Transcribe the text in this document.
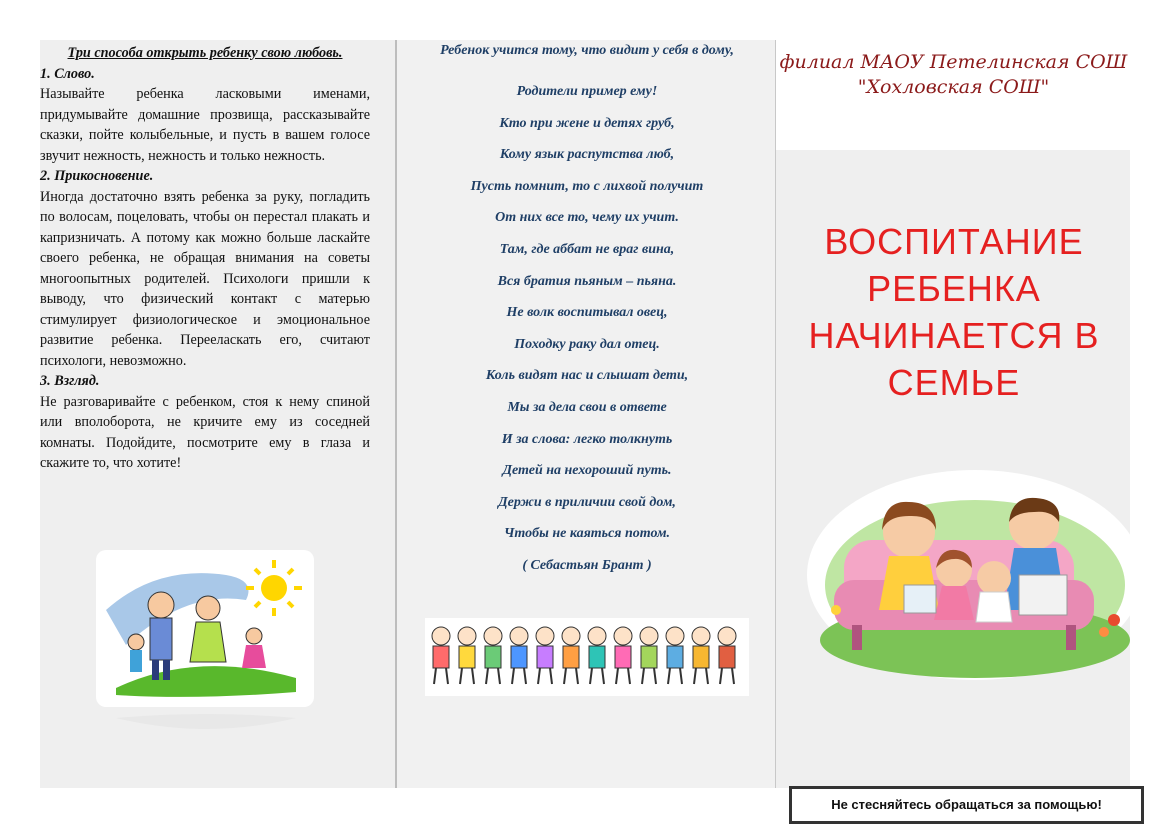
Три способа открыть ребенку свою любовь.

1. Слово.

Называйте ребенка ласковыми именами, придумывайте домашние прозвища, рассказывайте сказки, пойте колыбельные, и пусть в вашем голосе звучит нежность, нежность и только нежность.

2. Прикосновение.

Иногда достаточно взять ребенка за руку, погладить по волосам, поцеловать, чтобы он перестал плакать и капризничать. А потому как можно больше ласкайте своего ребенка, не обращая внимания на советы многоопытных родителей. Психологи пришли к выводу, что физический контакт с матерью стимулирует физиологическое и эмоциональное развитие ребенка. Перееласкать его, считают психологи, невозможно.

3. Взгляд.

Не разговаривайте с ребенком, стоя к нему спиной или вполоборота, не кричите ему из соседней комнаты. Подойдите, посмотрите ему в глаза и скажите то, что хотите!

Ребенок учится тому, что видит у себя в дому,
Родители пример ему!
Кто при жене и детях груб,
Кому язык распутства люб,
Пусть помнит, то с лихвой получит
От них все то, чему их учит.
Там, где аббат не враг вина,
Вся братия пьяным – пьяна.
Не волк воспитывал овец,
Походку раку дал отец.
Коль видят нас и слышат дети,
Мы за дела свои в ответе
И за слова: легко толкнуть
Детей на нехороший путь.
Держи в приличии свой дом,
Чтобы не каяться потом.
( Себастьян Брант )
филиал МАОУ Петелинская СОШ
"Хохловская СОШ"
ВОСПИТАНИЕ
РЕБЕНКА
НАЧИНАЕТСЯ В
СЕМЬЕ
Не стесняйтесь обращаться за помощью!
